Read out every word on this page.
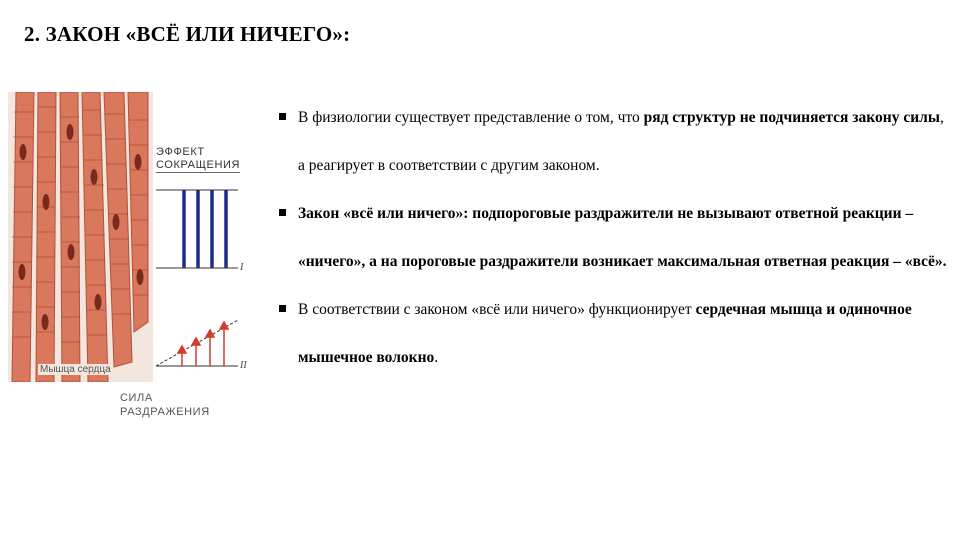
2. ЗАКОН «ВСЁ ИЛИ НИЧЕГО»:
Мышца сердца
ЭФФЕКТ
СОКРАЩЕНИЯ
I
II
СИЛА
РАЗДРАЖЕНИЯ
В физиологии существует представление о том, что ряд структур не подчиняется закону силы, а реагирует в соответствии с другим законом.
Закон «всё или ничего»: подпороговые раздражители не вызывают ответной реакции – «ничего», а на пороговые раздражители возникает максимальная ответная реакция – «всё».
В соответствии с законом «всё или ничего» функционирует сердечная мышца и одиночное мышечное волокно.
